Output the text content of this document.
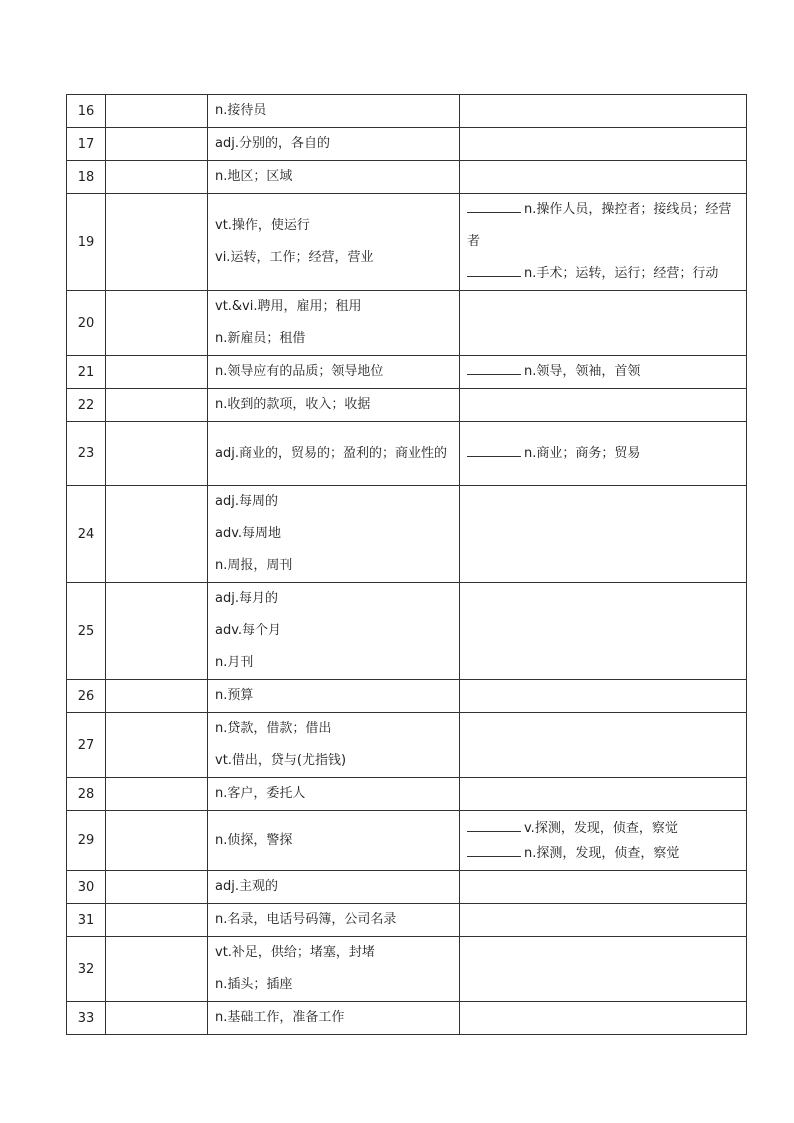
16		n.接待员	

17		adj.分别的，各自的	

18		n.地区；区域	

19		vt.操作，使运行
vi.运转，工作；经营，营业	n.操作人员，操控者；接线员；经营者
n.手术；运转，运行；经营；行动

20		vt.&vi.聘用，雇用；租用
n.新雇员；租借	

21		n.领导应有的品质；领导地位	n.领导，领袖，首领

22		n.收到的款项，收入；收据	

23		adj.商业的，贸易的；盈利的；商业性的	n.商业；商务；贸易

24		adj.每周的
adv.每周地
n.周报，周刊	

25		adj.每月的
adv.每个月
n.月刊	

26		n.预算	

27		n.贷款，借款；借出
vt.借出，贷与(尤指钱)	

28		n.客户，委托人	

29		n.侦探，警探	v.探测，发现，侦查，察觉
n.探测，发现，侦查，察觉

30		adj.主观的	

31		n.名录，电话号码簿，公司名录	

32		vt.补足，供给；堵塞，封堵
n.插头；插座	

33		n.基础工作，准备工作	
